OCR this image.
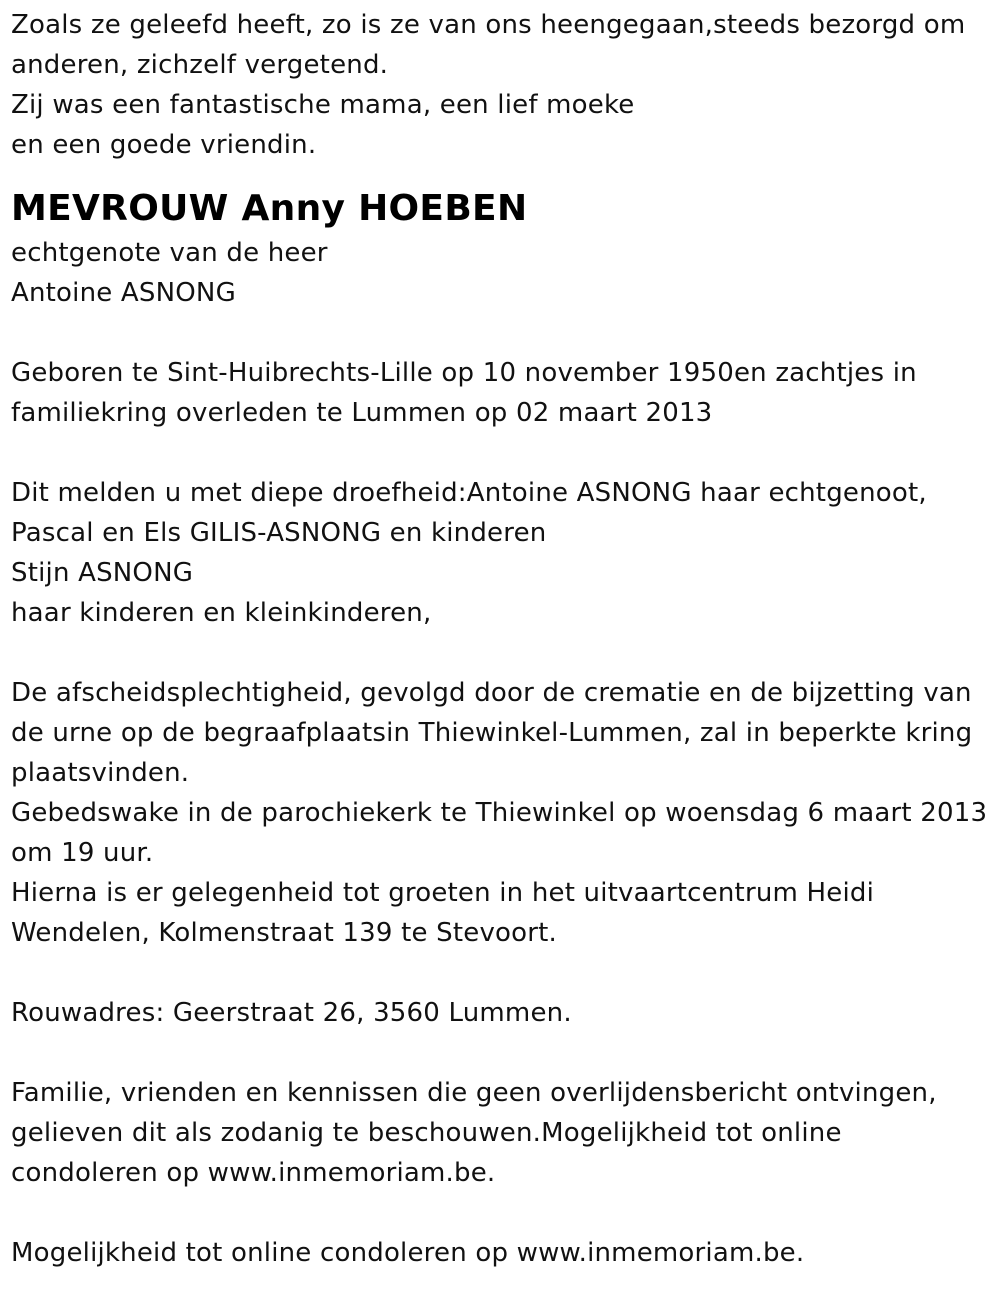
Zoals ze geleefd heeft, zo is ze van ons heengegaan,steeds bezorgd om
anderen, zichzelf vergetend.
Zij was een fantastische mama, een lief moeke
en een goede vriendin.
MEVROUW Anny HOEBEN
echtgenote van de heer
Antoine ASNONG
Geboren te Sint-Huibrechts-Lille op 10 november 1950en zachtjes in
familiekring overleden te Lummen op 02 maart 2013
Dit melden u met diepe droefheid:Antoine ASNONG haar echtgenoot,
Pascal en Els GILIS-ASNONG en kinderen
Stijn ASNONG
haar kinderen en kleinkinderen,
De afscheidsplechtigheid, gevolgd door de crematie en de bijzetting van
de urne op de begraafplaatsin Thiewinkel-Lummen, zal in beperkte kring
plaatsvinden.
Gebedswake in de parochiekerk te Thiewinkel op woensdag 6 maart 2013
om 19 uur.
Hierna is er gelegenheid tot groeten in het uitvaartcentrum Heidi
Wendelen, Kolmenstraat 139 te Stevoort.
Rouwadres: Geerstraat 26, 3560 Lummen.
Familie, vrienden en kennissen die geen overlijdensbericht ontvingen,
gelieven dit als zodanig te beschouwen.Mogelijkheid tot online
condoleren op www.inmemoriam.be.
Mogelijkheid tot online condoleren op www.inmemoriam.be.
